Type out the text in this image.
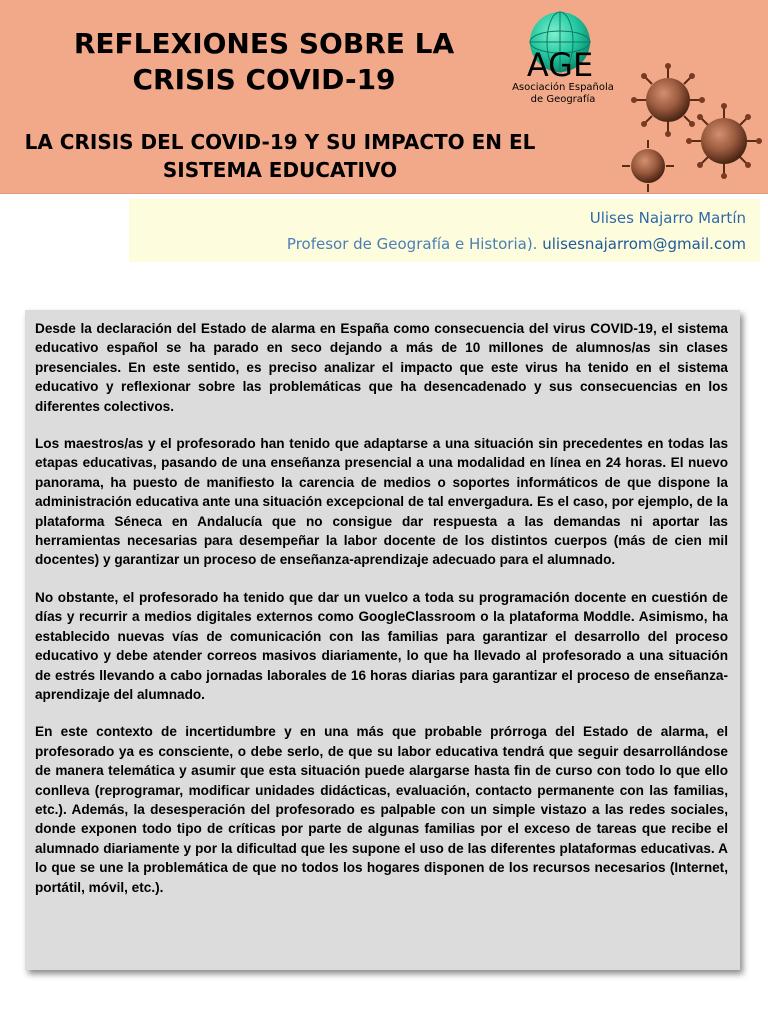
REFLEXIONES SOBRE LA
CRISIS COVID-19
LA CRISIS DEL COVID-19 Y SU IMPACTO EN EL
SISTEMA EDUCATIVO
AGE
Asociación Española
de Geografía
Ulises Najarro Martín
Profesor de Geografía e Historia). ulisesnajarrom@gmail.com

Desde la declaración del Estado de alarma en España como consecuencia del virus COVID-19, el sistema educativo español se ha parado en seco dejando a más de 10 millones de alumnos/as sin clases presenciales. En este sentido, es preciso analizar el impacto que este virus ha tenido en el sistema educativo y reflexionar sobre las problemáticas que ha desencadenado y sus consecuencias en los diferentes colectivos.

Los maestros/as y el profesorado han tenido que adaptarse a una situación sin precedentes en todas las etapas educativas, pasando de una enseñanza presencial a una modalidad en línea en 24 horas. El nuevo panorama, ha puesto de manifiesto la carencia de medios o soportes informáticos de que dispone la administración educativa ante una situación excepcional de tal envergadura. Es el caso, por ejemplo, de la plataforma Séneca en Andalucía que no consigue dar respuesta a las demandas ni aportar las herramientas necesarias para desempeñar la labor docente de los distintos cuerpos (más de cien mil docentes) y garantizar un proceso de enseñanza-aprendizaje adecuado para el alumnado.

No obstante, el profesorado ha tenido que dar un vuelco a toda su programación docente en cuestión de días y recurrir a medios digitales externos como GoogleClassroom o la plataforma Moddle. Asimismo, ha establecido nuevas vías de comunicación con las familias para garantizar el desarrollo del proceso educativo y debe atender correos masivos diariamente, lo que ha llevado al profesorado a una situación de estrés llevando a cabo jornadas laborales de 16 horas diarias para garantizar el proceso de enseñanza-aprendizaje del alumnado.

En este contexto de incertidumbre y en una más que probable prórroga del Estado de alarma, el profesorado ya es consciente, o debe serlo, de que su labor educativa tendrá que seguir desarrollándose de manera telemática y asumir que esta situación puede alargarse hasta fin de curso con todo lo que ello conlleva (reprogramar, modificar unidades didácticas, evaluación, contacto permanente con las familias, etc.). Además, la desesperación del profesorado es palpable con un simple vistazo a las redes sociales, donde exponen todo tipo de críticas por parte de algunas familias por el exceso de tareas que recibe el alumnado diariamente y por la dificultad que les supone el uso de las diferentes plataformas educativas. A lo que se une la problemática de que no todos los hogares disponen de los recursos necesarios (Internet, portátil, móvil, etc.).
